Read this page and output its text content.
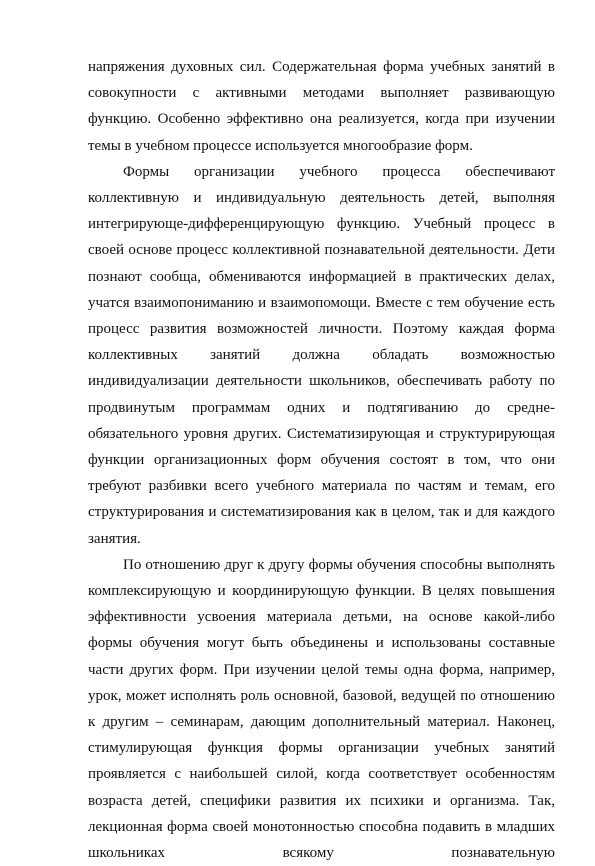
напряжения духовных сил. Содержательная форма учебных занятий в совокупности с активными методами выполняет развивающую функцию. Особенно эффективно она реализуется, когда при изучении темы в учебном процессе используется многообразие форм.

Формы организации учебного процесса обеспечивают коллективную и индивидуальную деятельность детей, выполняя интегрирующе-дифференцирующую функцию. Учебный процесс в своей основе процесс коллективной познавательной деятельности. Дети познают сообща, обмениваются информацией в практических делах, учатся взаимопониманию и взаимопомощи. Вместе с тем обучение есть процесс развития возможностей личности. Поэтому каждая форма коллективных занятий должна обладать возможностью индивидуализации деятельности школьников, обеспечивать работу по продвинутым программам одних и подтягиванию до средне-обязательного уровня других. Систематизирующая и структурирующая функции организационных форм обучения состоят в том, что они требуют разбивки всего учебного материала по частям и темам, его структурирования и систематизирования как в целом, так и для каждого занятия.

По отношению друг к другу формы обучения способны выполнять комплексирующую и координирующую функции. В целях повышения эффективности усвоения материала детьми, на основе какой-либо формы обучения могут быть объединены и использованы составные части других форм. При изучении целой темы одна форма, например, урок, может исполнять роль основной, базовой, ведущей по отношению к другим – семинарам, дающим дополнительный материал. Наконец, стимулирующая функция формы организации учебных занятий проявляется с наибольшей силой, когда соответствует особенностям возраста детей, специфики развития их психики и организма. Так, лекционная форма своей монотонностью способна подавить в младших школьниках всякому познавательную
